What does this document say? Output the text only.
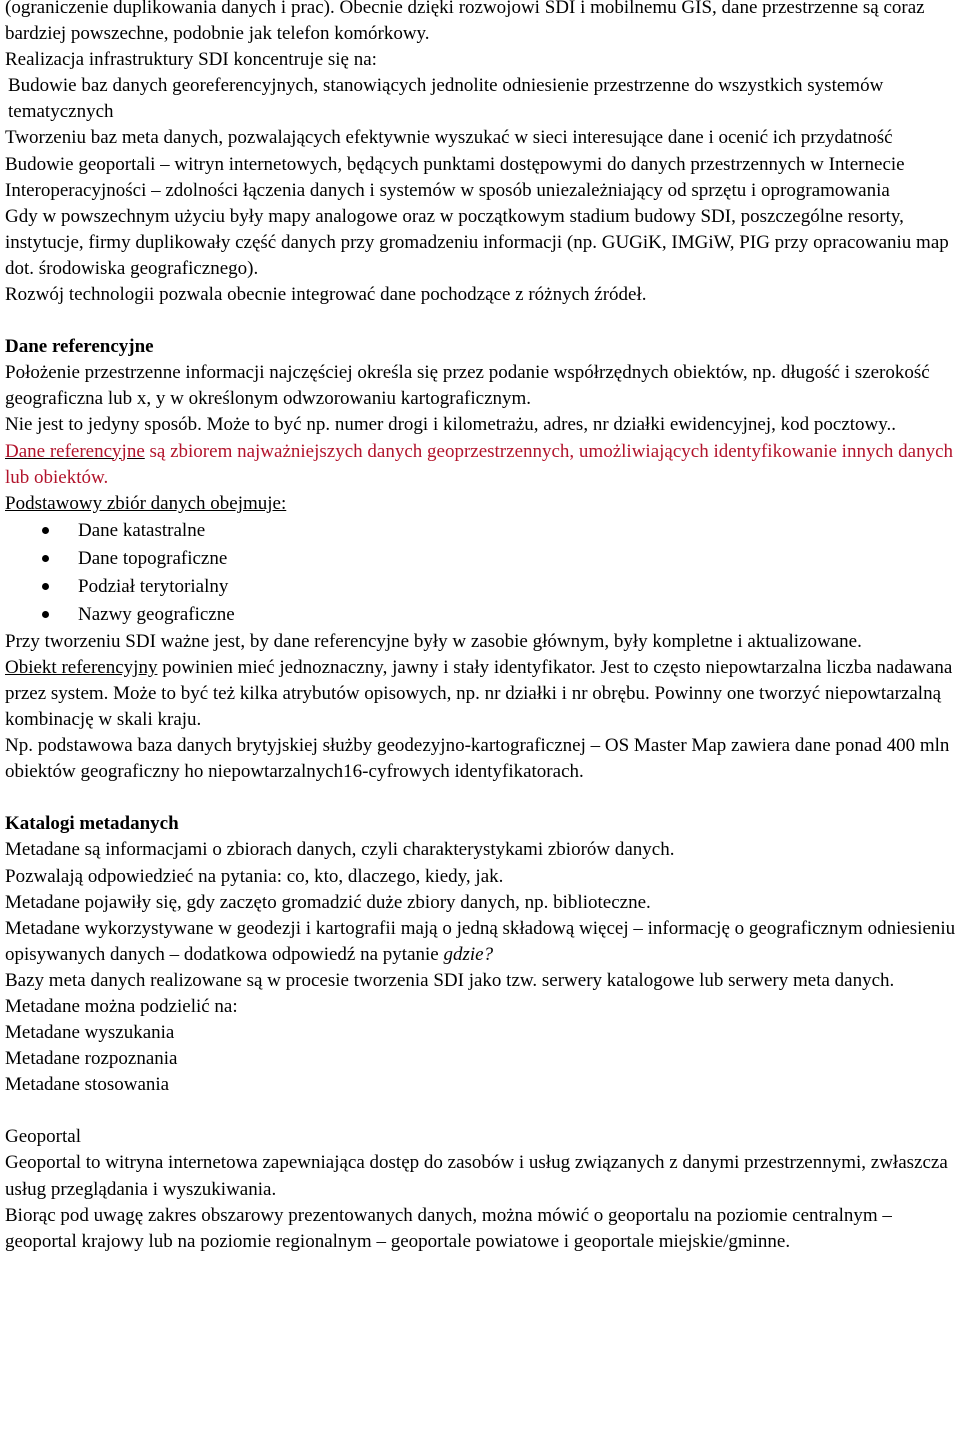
(ograniczenie duplikowania danych i prac). Obecnie dzięki rozwojowi SDI i mobilnemu GIS, dane przestrzenne są coraz bardziej powszechne, podobnie jak telefon komórkowy.

Realizacja infrastruktury SDI koncentruje się na:

Budowie baz danych georeferencyjnych, stanowiących jednolite odniesienie przestrzenne do wszystkich systemów tematycznych

Tworzeniu baz meta danych, pozwalających efektywnie wyszukać w sieci interesujące dane i ocenić ich przydatność

Budowie geoportali – witryn internetowych, będących punktami dostępowymi do danych przestrzennych w Internecie

Interoperacyjności – zdolności łączenia danych i systemów w sposób uniezależniający od sprzętu i oprogramowania

Gdy w powszechnym użyciu były mapy analogowe oraz w początkowym stadium budowy SDI, poszczególne resorty, instytucje, firmy duplikowały część danych przy gromadzeniu informacji (np. GUGiK, IMGiW, PIG przy opracowaniu map dot. środowiska geograficznego).

Rozwój technologii pozwala obecnie integrować dane pochodzące z różnych źródeł.

Dane referencyjne

Położenie przestrzenne informacji najczęściej określa się przez podanie współrzędnych obiektów, np. długość i szerokość geograficzna lub x, y w określonym odwzorowaniu kartograficznym.

Nie jest to jedyny sposób. Może to być np. numer drogi i kilometrażu, adres, nr działki ewidencyjnej, kod pocztowy..

Dane referencyjne są zbiorem najważniejszych danych geoprzestrzennych, umożliwiających identyfikowanie innych danych lub obiektów.

Podstawowy zbiór danych obejmuje:

Dane katastralne
Dane topograficzne
Podział terytorialny
Nazwy geograficzne

Przy tworzeniu SDI ważne jest, by dane referencyjne były w zasobie głównym, były kompletne i aktualizowane.

Obiekt referencyjny powinien mieć jednoznaczny, jawny i stały identyfikator. Jest to często niepowtarzalna liczba nadawana przez system. Może to być też kilka atrybutów opisowych, np. nr działki i nr obrębu. Powinny one tworzyć niepowtarzalną kombinację w skali kraju.

Np. podstawowa baza danych brytyjskiej służby geodezyjno-kartograficznej – OS Master Map zawiera dane ponad 400 mln obiektów geograficzny ho niepowtarzalnych16-cyfrowych identyfikatorach.

Katalogi metadanych

Metadane są informacjami o zbiorach danych, czyli charakterystykami zbiorów danych.

Pozwalają odpowiedzieć na pytania: co, kto, dlaczego, kiedy, jak.

Metadane pojawiły się, gdy zaczęto gromadzić duże zbiory danych, np. biblioteczne.

Metadane wykorzystywane w geodezji i kartografii mają o jedną składową więcej – informację o geograficznym odniesieniu opisywanych danych – dodatkowa odpowiedź na pytanie gdzie?

Bazy meta danych realizowane są w procesie tworzenia SDI jako tzw. serwery katalogowe lub serwery meta danych.

Metadane można podzielić na:

Metadane wyszukania

Metadane rozpoznania

Metadane stosowania

Geoportal

Geoportal to witryna internetowa zapewniająca dostęp do zasobów i usług związanych z danymi przestrzennymi, zwłaszcza usług przeglądania i wyszukiwania.

Biorąc pod uwagę zakres obszarowy prezentowanych danych, można mówić o geoportalu na poziomie centralnym –geoportal krajowy lub na poziomie regionalnym – geoportale powiatowe i geoportale miejskie/gminne.
